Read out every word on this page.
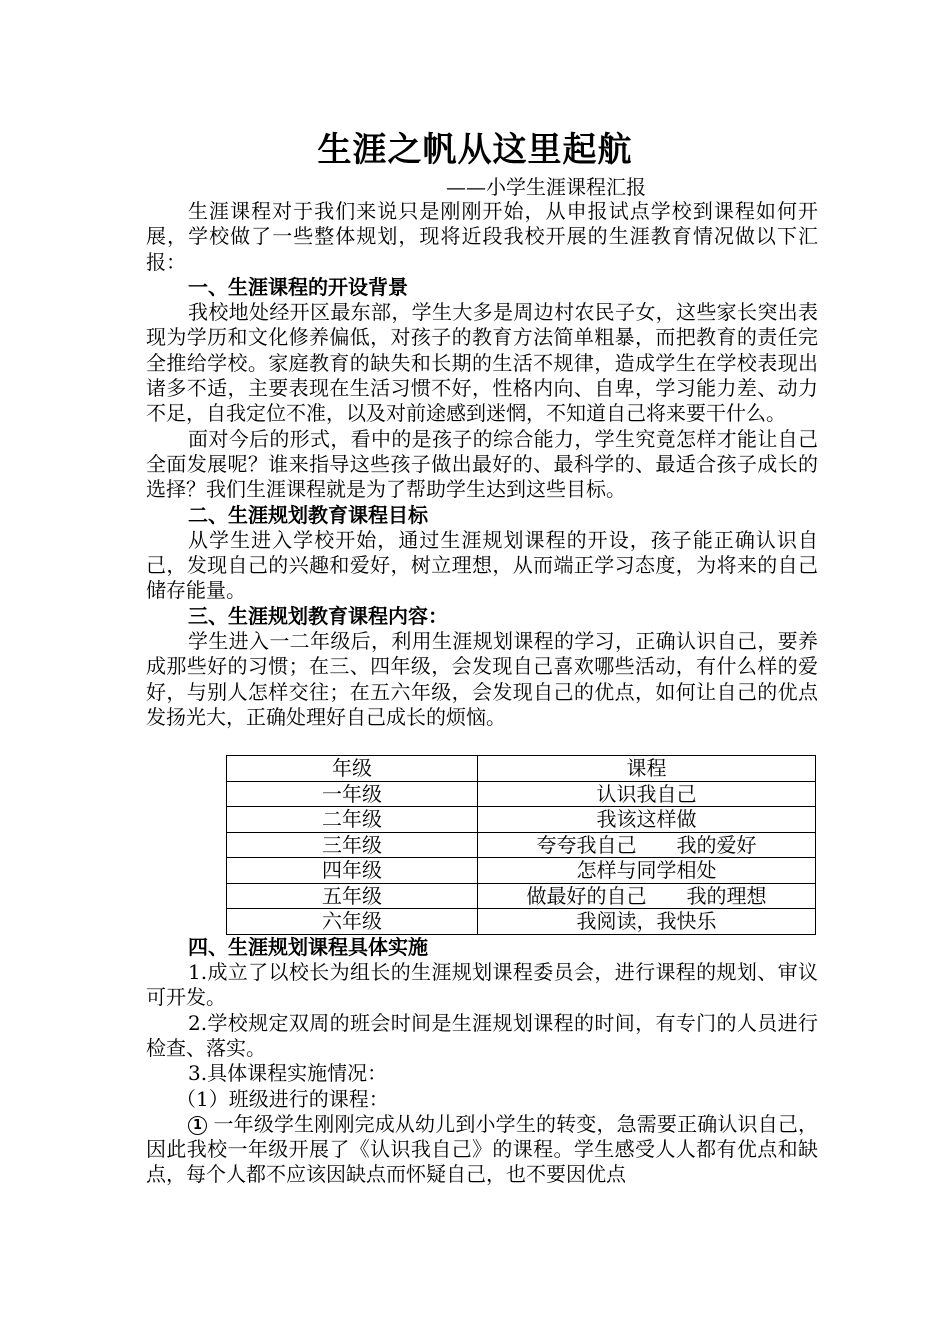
生涯之帆从这里起航
——小学生涯课程汇报

生涯课程对于我们来说只是刚刚开始，从申报试点学校到课程如何开展，学校做了一些整体规划，现将近段我校开展的生涯教育情况做以下汇报：

一、生涯课程的开设背景

我校地处经开区最东部，学生大多是周边村农民子女，这些家长突出表现为学历和文化修养偏低，对孩子的教育方法简单粗暴，而把教育的责任完全推给学校。家庭教育的缺失和长期的生活不规律，造成学生在学校表现出诸多不适，主要表现在生活习惯不好，性格内向、自卑，学习能力差、动力不足，自我定位不准，以及对前途感到迷惘，不知道自己将来要干什么。

面对今后的形式，看中的是孩子的综合能力，学生究竟怎样才能让自己全面发展呢？谁来指导这些孩子做出最好的、最科学的、最适合孩子成长的选择？我们生涯课程就是为了帮助学生达到这些目标。

二、生涯规划教育课程目标

从学生进入学校开始，通过生涯规划课程的开设，孩子能正确认识自己，发现自己的兴趣和爱好，树立理想，从而端正学习态度，为将来的自己储存能量。

三、生涯规划教育课程内容：

学生进入一二年级后，利用生涯规划课程的学习，正确认识自己，要养成那些好的习惯；在三、四年级，会发现自己喜欢哪些活动，有什么样的爱好，与别人怎样交往；在五六年级，会发现自己的优点，如何让自己的优点发扬光大，正确处理好自己成长的烦恼。

年级	课程
一年级	认识我自己
二年级	我该这样做
三年级	夸夸我自己　　我的爱好
四年级	怎样与同学相处
五年级	做最好的自己　　我的理想
六年级	我阅读，我快乐

四、生涯规划课程具体实施

1.成立了以校长为组长的生涯规划课程委员会，进行课程的规划、审议可开发。

2.学校规定双周的班会时间是生涯规划课程的时间，有专门的人员进行检查、落实。

3.具体课程实施情况：

（1）班级进行的课程：

1 一年级学生刚刚完成从幼儿到小学生的转变，急需要正确认识自己，因此我校一年级开展了《认识我自己》的课程。学生感受人人都有优点和缺点，每个人都不应该因缺点而怀疑自己，也不要因优点
